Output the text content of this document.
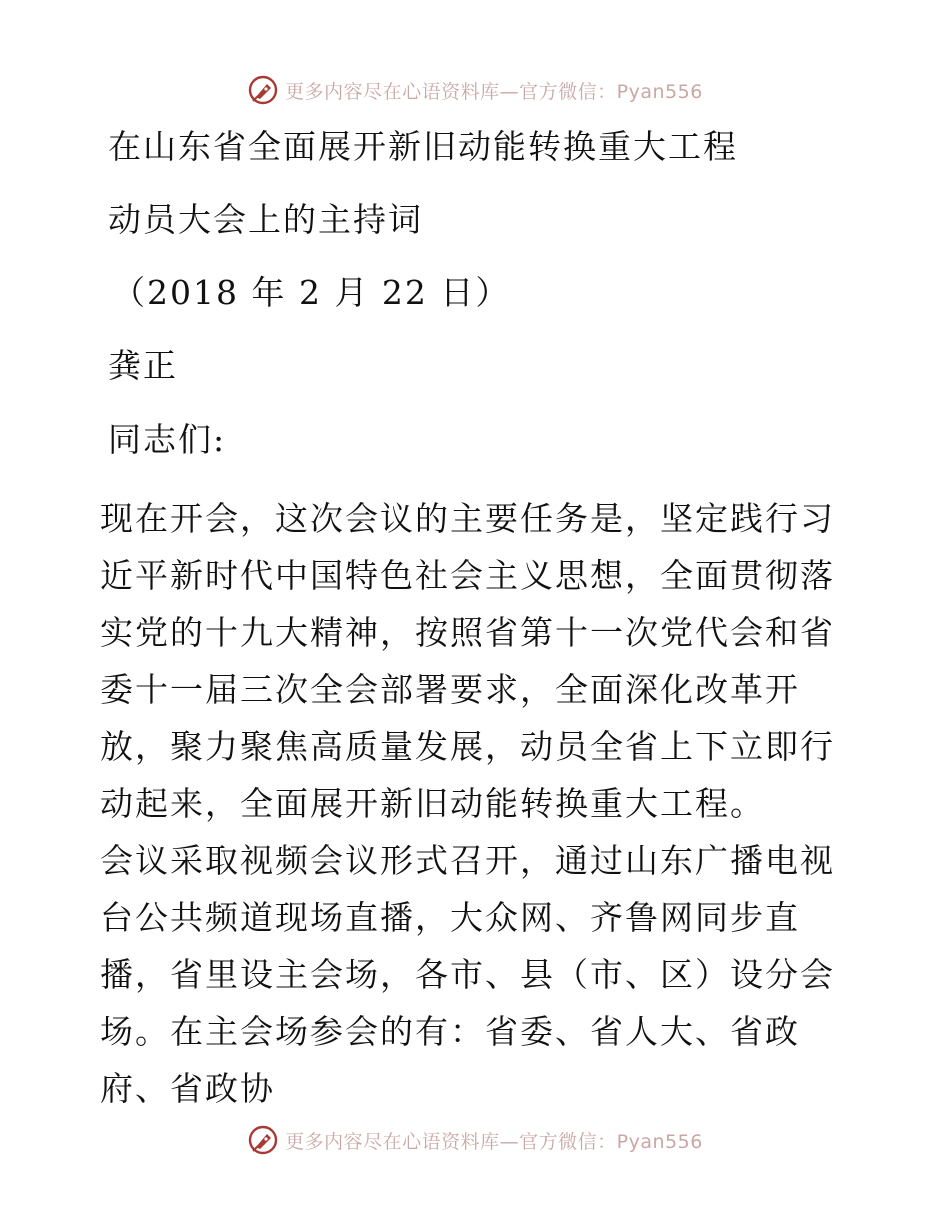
更多内容尽在心语资料库—官方微信：Pyan556
在山东省全面展开新旧动能转换重大工程
动员大会上的主持词
（2018 年 2 月 22 日）
龚正
同志们:
现在开会，这次会议的主要任务是，坚定践行习近平新时代中国特色社会主义思想，全面贯彻落实党的十九大精神，按照省第十一次党代会和省委十一届三次全会部署要求，全面深化改革开放，聚力聚焦高质量发展，动员全省上下立即行动起来，全面展开新旧动能转换重大工程。
会议采取视频会议形式召开，通过山东广播电视台公共频道现场直播，大众网、齐鲁网同步直播，省里设主会场，各市、县（市、区）设分会场。在主会场参会的有：省委、省人大、省政府、省政协
更多内容尽在心语资料库—官方微信：Pyan556
